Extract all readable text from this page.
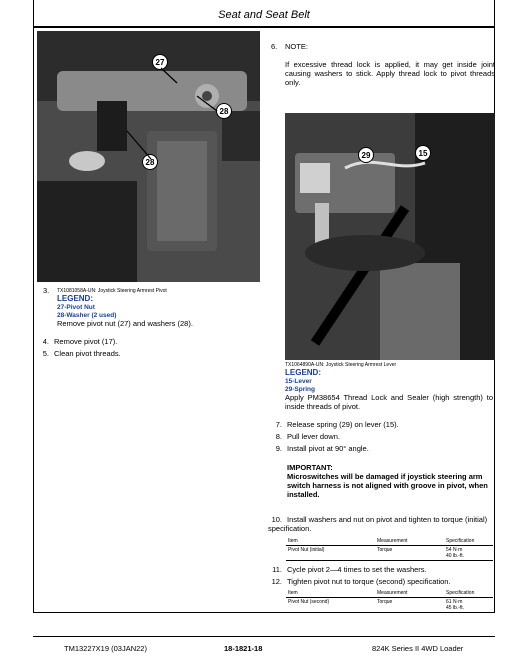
Seat and Seat Belt
27
28
28
3. TX1081058A-UN: Joystick Steering Armrest Pivot
LEGEND:
27-Pivot Nut
28-Washer (2 used)
Remove pivot nut (27) and washers (28).
4. Remove pivot (17).
5. Clean pivot threads.
6. NOTE:
If excessive thread lock is applied, it may get inside joint causing washers to stick. Apply thread lock to pivot threads only.
29	15
TX1064890A-UN: Joystick Steering Armrest Lever
LEGEND:
15-Lever
29-Spring
Apply PM38654 Thread Lock and Sealer (high strength) to inside threads of pivot.
7. Release spring (29) on lever (15).
8. Pull lever down.
9. Install pivot at 90° angle.
IMPORTANT:
Microswitches will be damaged if joystick steering arm switch harness is not aligned with groove in pivot, when installed.
10. Install washers and nut on pivot and tighten to torque (initial) specification.
Item	Measurement	Specification
Pivot Nut (initial)	Torque	54 N·m
40 lb.-ft.
11. Cycle pivot 2—4 times to set the washers.
12. Tighten pivot nut to torque (second) specification.
Item	Measurement	Specification
Pivot Nut (second)	Torque	61 N·m
45 lb.-ft.
TM13227X19 (03JAN22)	18-1821-18	824K Series II 4WD Loader
